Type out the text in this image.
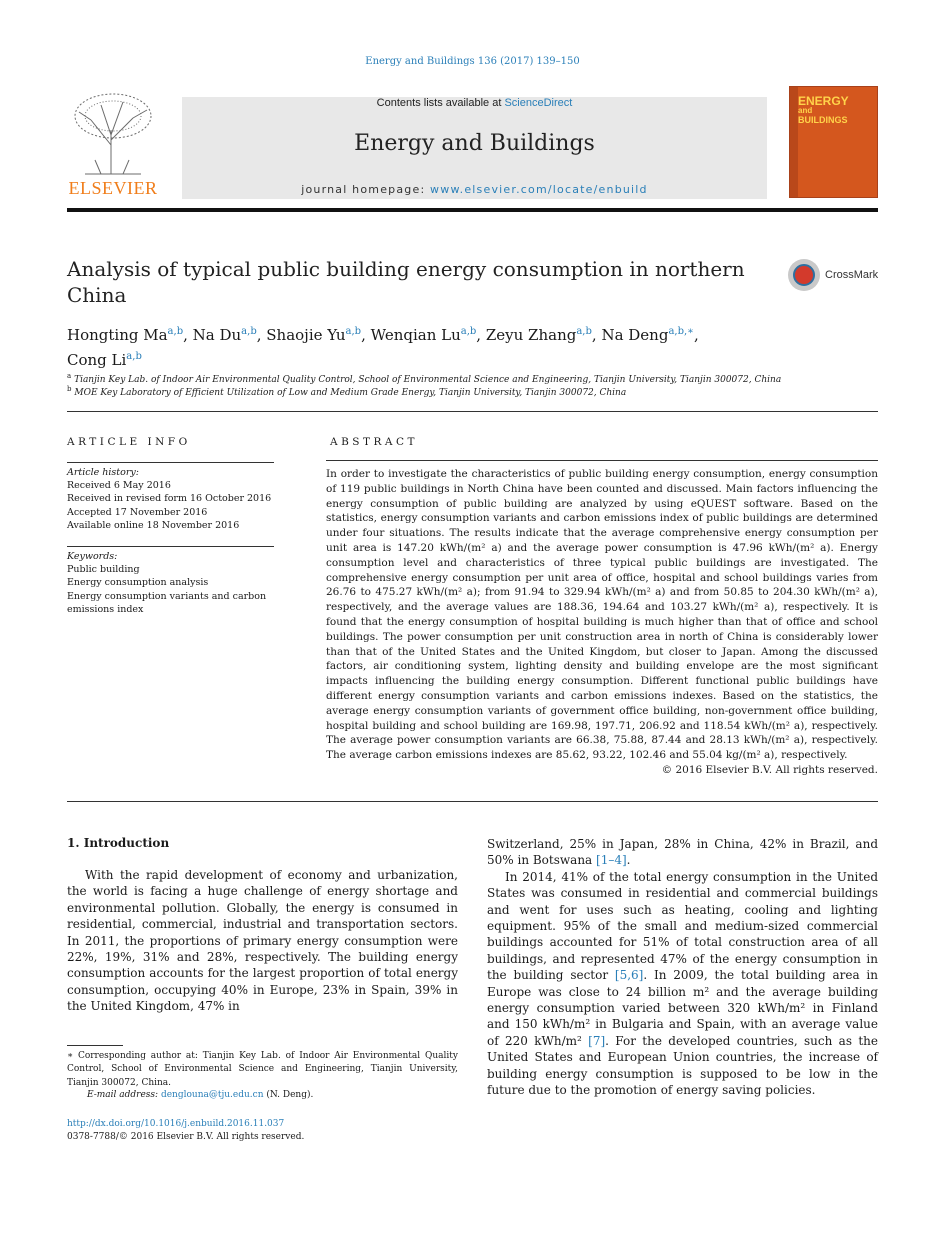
Energy and Buildings 136 (2017) 139–150
ELSEVIER
Contents lists available at ScienceDirect
Energy and Buildings
journal homepage: www.elsevier.com/locate/enbuild
ENERGY
and
BUILDINGS
Analysis of typical public building energy consumption in northern China
CrossMark
Hongting Ma$^{a,b}$, Na Du$^{a,b}$, Shaojie Yu$^{a,b}$, Wenqian Lu$^{a,b}$, Zeyu Zhang$^{a,b}$, Na Deng$^{a,b,∗}$,
Cong Li$^{a,b}$
$^a$ Tianjin Key Lab. of Indoor Air Environmental Quality Control, School of Environmental Science and Engineering, Tianjin University, Tianjin 300072, China
$^b$ MOE Key Laboratory of Efficient Utilization of Low and Medium Grade Energy, Tianjin University, Tianjin 300072, China
ARTICLE INFO
Article history:
Received 6 May 2016
Received in revised form 16 October 2016
Accepted 17 November 2016
Available online 18 November 2016
Keywords:
Public building
Energy consumption analysis
Energy consumption variants and carbon emissions index
ABSTRACT
In order to investigate the characteristics of public building energy consumption, energy consumption of 119 public buildings in North China have been counted and discussed. Main factors influencing the energy consumption of public building are analyzed by using eQUEST software. Based on the statistics, energy consumption variants and carbon emissions index of public buildings are determined under four situations. The results indicate that the average comprehensive energy consumption per unit area is 147.20 kWh/(m² a) and the average power consumption is 47.96 kWh/(m² a). Energy consumption level and characteristics of three typical public buildings are investigated. The comprehensive energy consumption per unit area of office, hospital and school buildings varies from 26.76 to 475.27 kWh/(m² a); from 91.94 to 329.94 kWh/(m² a) and from 50.85 to 204.30 kWh/(m² a), respectively, and the average values are 188.36, 194.64 and 103.27 kWh/(m² a), respectively. It is found that the energy consumption of hospital building is much higher than that of office and school buildings. The power consumption per unit construction area in north of China is considerably lower than that of the United States and the United Kingdom, but closer to Japan. Among the discussed factors, air conditioning system, lighting density and building envelope are the most significant impacts influencing the building energy consumption. Different functional public buildings have different energy consumption variants and carbon emissions indexes. Based on the statistics, the average energy consumption variants of government office building, non-government office building, hospital building and school building are 169.98, 197.71, 206.92 and 118.54 kWh/(m² a), respectively. The average power consumption variants are 66.38, 75.88, 87.44 and 28.13 kWh/(m² a), respectively. The average carbon emissions indexes are 85.62, 93.22, 102.46 and 55.04 kg/(m² a), respectively.
© 2016 Elsevier B.V. All rights reserved.
1. Introduction

With the rapid development of economy and urbanization, the world is facing a huge challenge of energy shortage and environmental pollution. Globally, the energy is consumed in residential, commercial, industrial and transportation sectors. In 2011, the proportions of primary energy consumption were 22%, 19%, 31% and 28%, respectively. The building energy consumption accounts for the largest proportion of total energy consumption, occupying 40% in Europe, 23% in Spain, 39% in the United Kingdom, 47% in

Switzerland, 25% in Japan, 28% in China, 42% in Brazil, and 50% in Botswana [1–4].

In 2014, 41% of the total energy consumption in the United States was consumed in residential and commercial buildings and went for uses such as heating, cooling and lighting equipment. 95% of the small and medium-sized commercial buildings accounted for 51% of total construction area of all buildings, and represented 47% of the energy consumption in the building sector [5,6]. In 2009, the total building area in Europe was close to 24 billion m² and the average building energy consumption varied between 320 kWh/m² in Finland and 150 kWh/m² in Bulgaria and Spain, with an average value of 220 kWh/m² [7]. For the developed countries, such as the United States and European Union countries, the increase of building energy consumption is supposed to be low in the future due to the promotion of energy saving policies.

∗ Corresponding author at: Tianjin Key Lab. of Indoor Air Environmental Quality Control, School of Environmental Science and Engineering, Tianjin University, Tianjin 300072, China.
E-mail address: denglouna@tju.edu.cn (N. Deng).
http://dx.doi.org/10.1016/j.enbuild.2016.11.037
0378-7788/© 2016 Elsevier B.V. All rights reserved.
